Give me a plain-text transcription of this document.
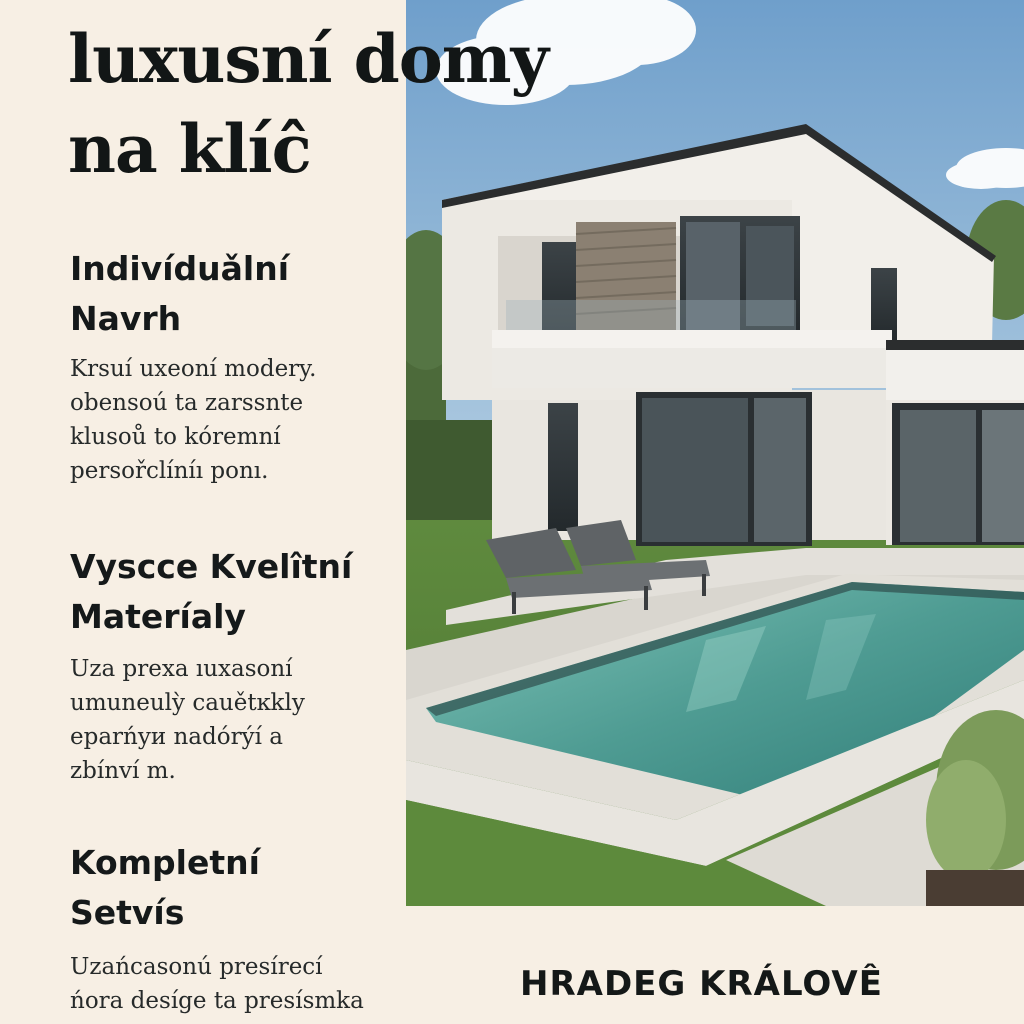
luxusní domy
na klíĉ
Indivíduǎlní
Navrh

Krsuí uxeoní modery.
obensoú ta zarssnte
klusoů to kóremní
persořclíníı ponı.

Vyscce Kvelîtní
Materíaly

Uza prexa ıuxasoní
umuneulỳ cauětĸkly
eparńyи nadórýí a
zbínví m.

Kompletní
Setvís

Uzańcasonú presírecí
ńora desíge ta presísmka	HRADEG KRÁLOVÊ
